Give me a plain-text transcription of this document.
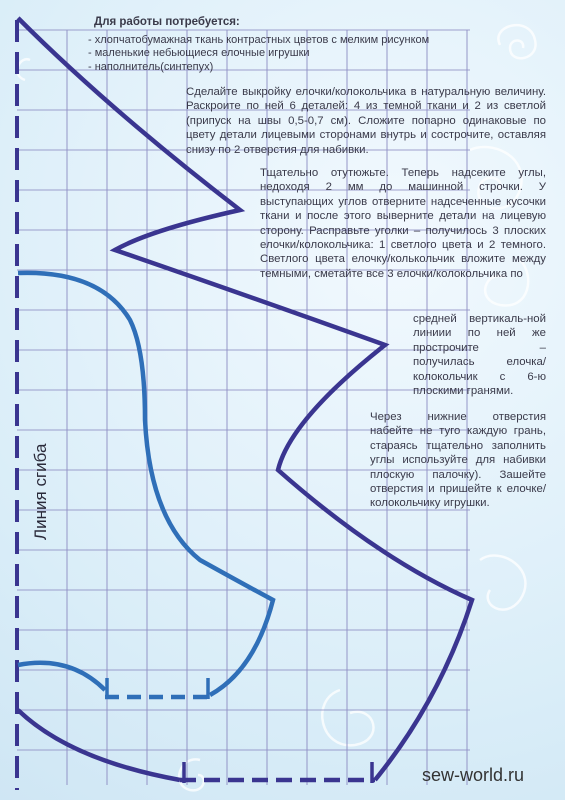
Для работы потребуется:
- хлопчатобумажная ткань контрастных цветов с мелким рисунком
- маленькие небьющиеся елочные игрушки
- наполнитель(синтепух)
Сделайте выкройку елочки/колокольчика в натуральную величину. Раскроите по ней 6 деталей: 4 из темной ткани и 2 из светлой (припуск на швы 0,5-0,7 см). Сложите попарно одинаковые по цвету детали лицевыми сторонами внутрь и сострочите, оставляя снизу по 2 отверстия для набивки.
Тщательно отутюжьте. Теперь надсеките углы, недоходя 2 мм до машинной строчки. У выступающих углов отверните надсеченные кусочки ткани и после этого выверните детали на лицевую сторону. Расправьте уголки – получилось 3 плоских елочки/колокольчика: 1 светлого цвета и 2 темного. Светлого цвета елочку/колькольчик вложите между темными, сметайте все 3 елочки/колокольчика по
средней вертикаль-ной линиии по ней же прострочите – получилась елочка/ колокольчик с 6-ю плоскими гранями.
Через нижние отверстия набейте не туго каждую грань, стараясь тщательно заполнить углы используйте для набивки плоскую палочку). Зашейте отверстия и пришейте к елочке/ колокольчику игрушки.
Линия сгиба
sew-world.ru
